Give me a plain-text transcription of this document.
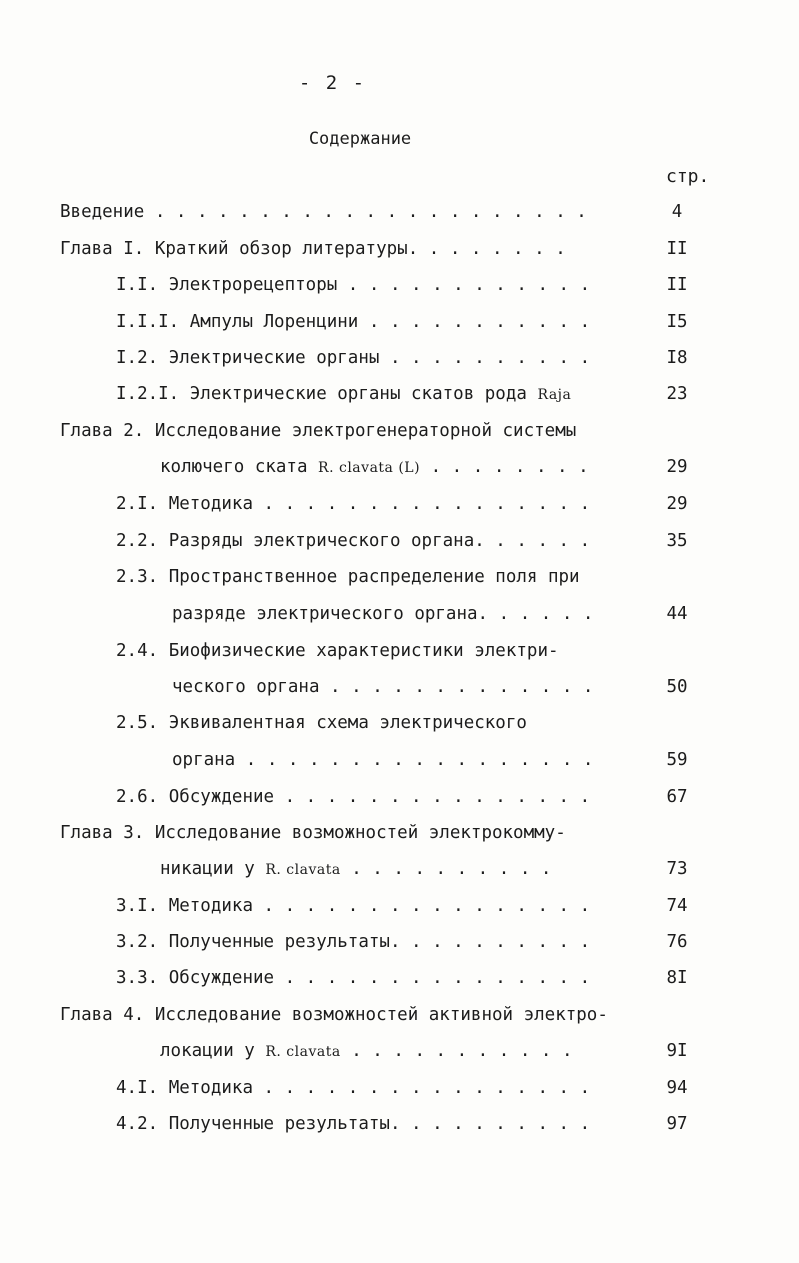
- 2 -
Содержание
стр.
Введение . . . . . . . . . . . . . . . . . . . . .	4
Глава I. Краткий обзор литературы. . . . . . . .	II
I.I. Электрорецепторы . . . . . . . . . . . .	II
I.I.I. Ампулы Лоренцини . . . . . . . . . . .	I5
I.2. Электрические органы . . . . . . . . . .	I8
I.2.I. Электрические органы скатов рода Raja	23
Глава 2. Исследование электрогенераторной системы
колючего ската R. clavata (L) . . . . . . . .	29
2.I. Методика . . . . . . . . . . . . . . . .	29
2.2. Разряды электрического органа. . . . . .	35
2.3. Пространственное распределение поля при
разряде электрического органа. . . . . .	44
2.4. Биофизические характеристики электри-
ческого органа . . . . . . . . . . . . .	50
2.5. Эквивалентная схема электрического
органа . . . . . . . . . . . . . . . . .	59
2.6. Обсуждение . . . . . . . . . . . . . . .	67
Глава 3. Исследование возможностей электрокомму-
никации у R. clavata . . . . . . . . . .	73
3.I. Методика . . . . . . . . . . . . . . . .	74
3.2. Полученные результаты. . . . . . . . . .	76
3.3. Обсуждение . . . . . . . . . . . . . . .	8I
Глава 4. Исследование возможностей активной электро-
локации у R. clavata . . . . . . . . . . .	9I
4.I. Методика . . . . . . . . . . . . . . . .	94
4.2. Полученные результаты. . . . . . . . . .	97
